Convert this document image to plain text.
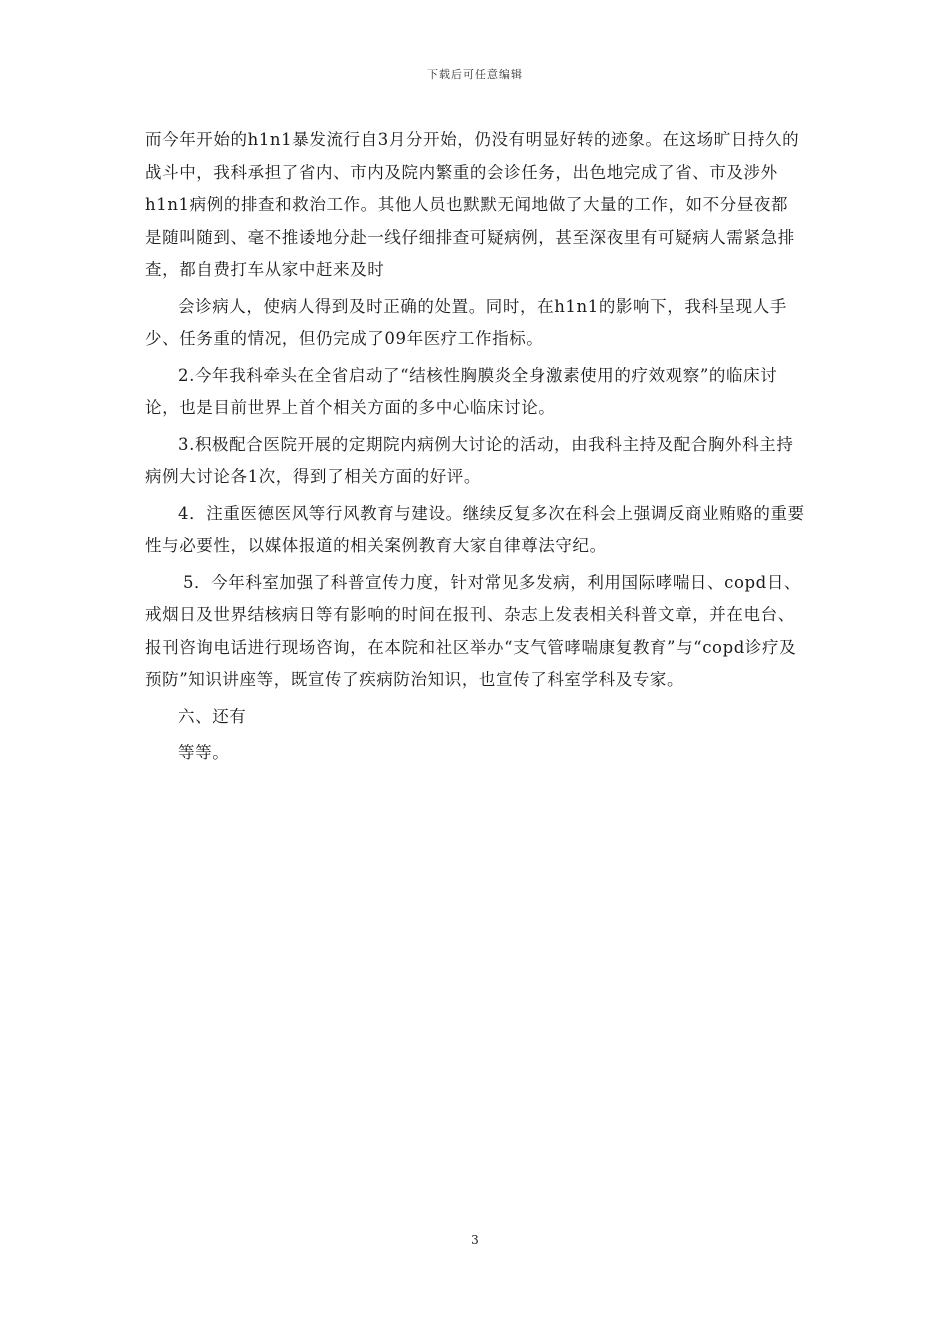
下载后可任意编辑

而今年开始的h1n1暴发流行自3月分开始，仍没有明显好转的迹象。在这场旷日持久的战斗中，我科承担了省内、市内及院内繁重的会诊任务，出色地完成了省、市及涉外h1n1病例的排查和救治工作。其他人员也默默无闻地做了大量的工作，如不分昼夜都是随叫随到、毫不推诿地分赴一线仔细排查可疑病例，甚至深夜里有可疑病人需紧急排查，都自费打车从家中赶来及时

会诊病人，使病人得到及时正确的处置。同时，在h1n1的影响下，我科呈现人手少、任务重的情况，但仍完成了09年医疗工作指标。

2.今年我科牵头在全省启动了“结核性胸膜炎全身激素使用的疗效观察”的临床讨论，也是目前世界上首个相关方面的多中心临床讨论。

3.积极配合医院开展的定期院内病例大讨论的活动，由我科主持及配合胸外科主持病例大讨论各1次，得到了相关方面的好评。

4．注重医德医风等行风教育与建设。继续反复多次在科会上强调反商业贿赂的重要性与必要性，以媒体报道的相关案例教育大家自律尊法守纪。

5．今年科室加强了科普宣传力度，针对常见多发病，利用国际哮喘日、copd日、戒烟日及世界结核病日等有影响的时间在报刊、杂志上发表相关科普文章，并在电台、报刊咨询电话进行现场咨询，在本院和社区举办“支气管哮喘康复教育”与“copd诊疗及预防”知识讲座等，既宣传了疾病防治知识，也宣传了科室学科及专家。

六、还有

等等。

3
